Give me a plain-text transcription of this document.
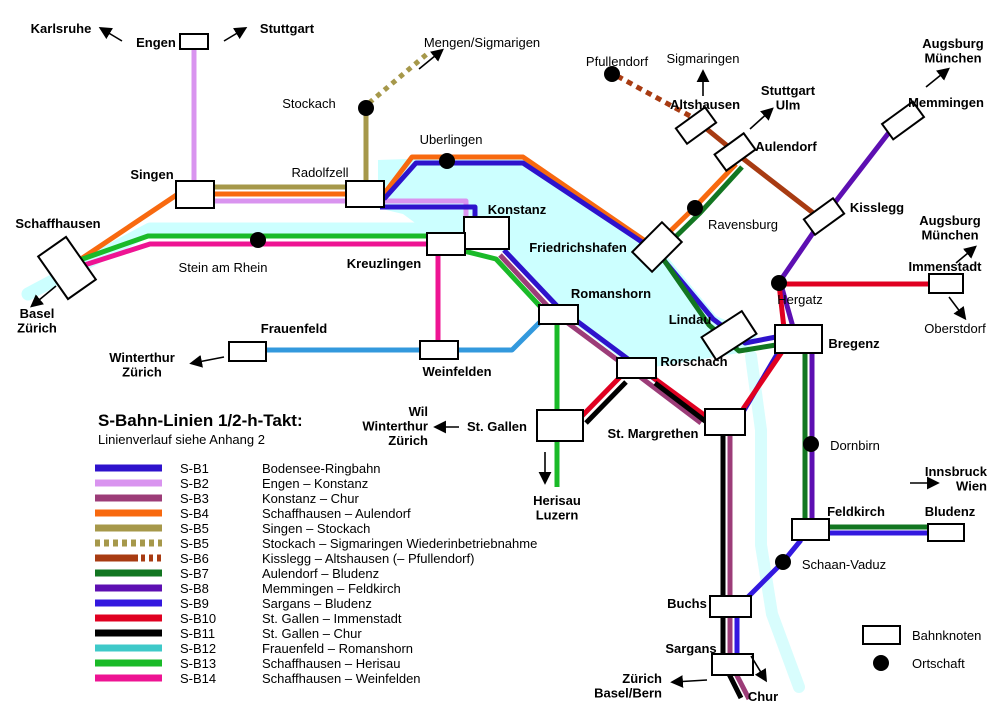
Karlsruhe	Stuttgart
Engen	Mengen/Sigmarigen
Stockach
Pfullendorf Sigmaringen
Altshausen
Stuttgart Ulm
Aulendorf
Augsburg München
Memmingen
Kisslegg
Uberlingen
Radolfzell
Singen
Schaffhausen
Stein am Rhein
Ravensburg
Konstanz
Kreuzlingen
Friedrichshafen
Romanshorn	Hergatz
Lindau
Bregenz
Rorschach
Augsburg München
Immenstadt
Oberstdorf
Basel Zürich	Frauenfeld
Winterthur Zürich	Weinfelden
Wil Winterthur Zürich
St. Gallen	St. Margrethen
Herisau Luzern
Innsbruck Wien
Feldkirch	Bludenz
Dornbirn
Schaan-Vaduz
Buchs
Sargans
Zürich Basel/Bern	Chur
S-Bahn-Linien 1/2-h-Takt:
Linienverlauf siehe Anhang 2
S-B1	Bodensee-Ringbahn
S-B2	Engen – Konstanz
S-B3	Konstanz – Chur
S-B4	Schaffhausen – Aulendorf
S-B5	Singen – Stockach
S-B5	Stockach – Sigmaringen Wiederinbetriebnahme
S-B6	Kisslegg – Altshausen (– Pfullendorf)
S-B7	Aulendorf – Bludenz
S-B8	Memmingen – Feldkirch
S-B9	Sargans – Bludenz
S-B10	St. Gallen – Immenstadt
S-B11	St. Gallen – Chur
S-B12	Frauenfeld – Romanshorn
S-B13	Schaffhausen – Herisau
S-B14	Schaffhausen – Weinfelden
Bahnknoten
Ortschaft
